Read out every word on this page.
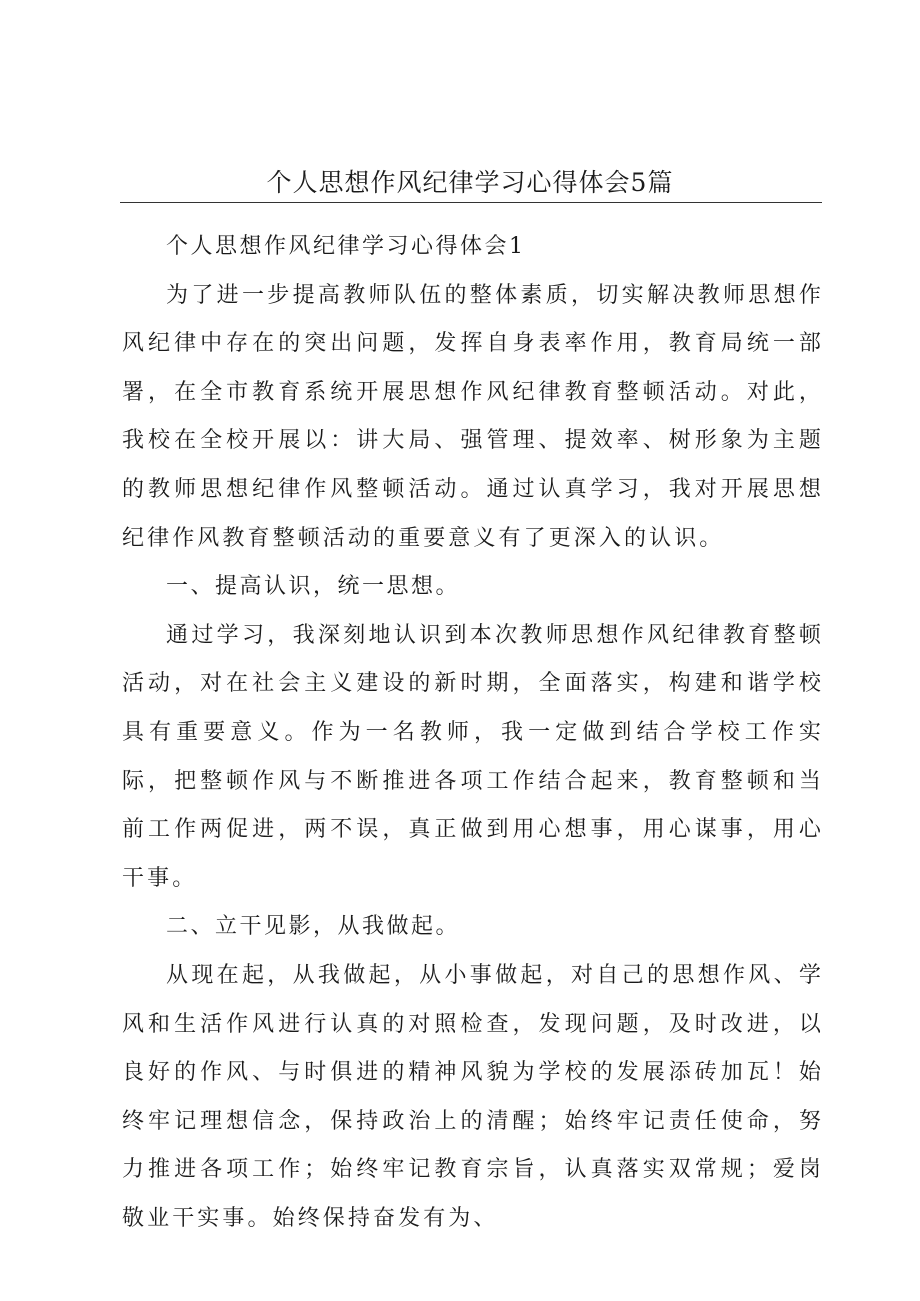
个人思想作风纪律学习心得体会5篇

个人思想作风纪律学习心得体会1

为了进一步提高教师队伍的整体素质，切实解决教师思想作风纪律中存在的突出问题，发挥自身表率作用，教育局统一部署，在全市教育系统开展思想作风纪律教育整顿活动。对此，我校在全校开展以：讲大局、强管理、提效率、树形象为主题的教师思想纪律作风整顿活动。通过认真学习，我对开展思想纪律作风教育整顿活动的重要意义有了更深入的认识。

一、提高认识，统一思想。

通过学习，我深刻地认识到本次教师思想作风纪律教育整顿活动，对在社会主义建设的新时期，全面落实，构建和谐学校具有重要意义。作为一名教师，我一定做到结合学校工作实际，把整顿作风与不断推进各项工作结合起来，教育整顿和当前工作两促进，两不误，真正做到用心想事，用心谋事，用心干事。

二、立干见影，从我做起。

从现在起，从我做起，从小事做起，对自己的思想作风、学风和生活作风进行认真的对照检查，发现问题，及时改进，以良好的作风、与时俱进的精神风貌为学校的发展添砖加瓦！始终牢记理想信念，保持政治上的清醒；始终牢记责任使命，努力推进各项工作；始终牢记教育宗旨，认真落实双常规；爱岗敬业干实事。始终保持奋发有为、
